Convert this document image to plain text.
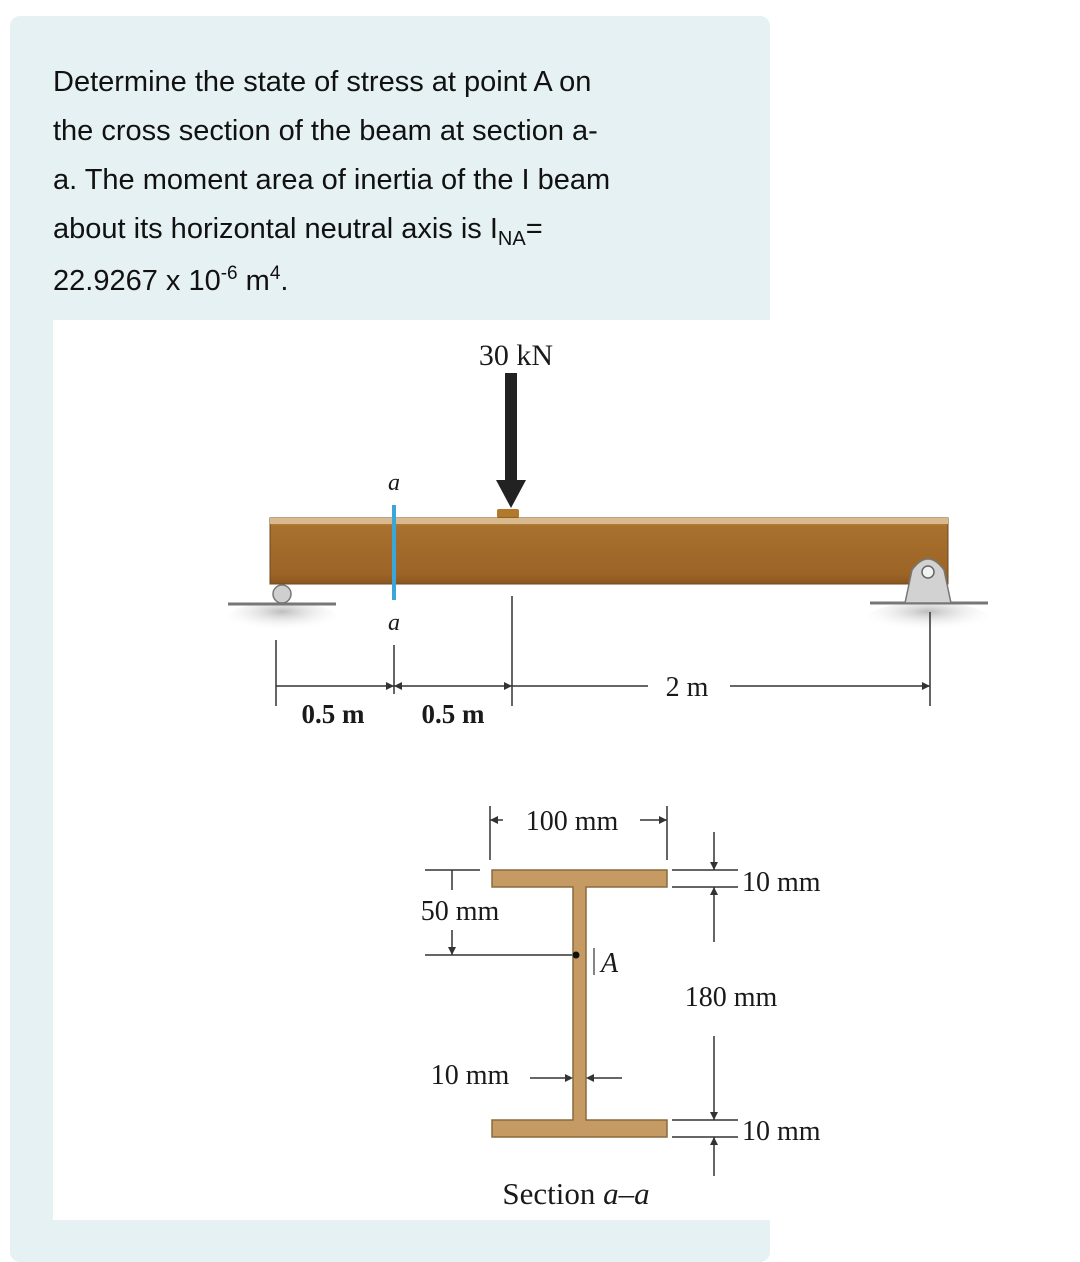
Determine the state of stress at point A on
the cross section of the beam at section a-
a. The moment area of inertia of the I beam
about its horizontal neutral axis is $I_{NA}=$
22.9267 x $10^{-6}$ $m^4$.
30 kN
a
a
0.5 m 0.5 m
2 m
100 mm
10 mm
180 mm
10 mm
50 mm
A
10 mm
Section a–a
